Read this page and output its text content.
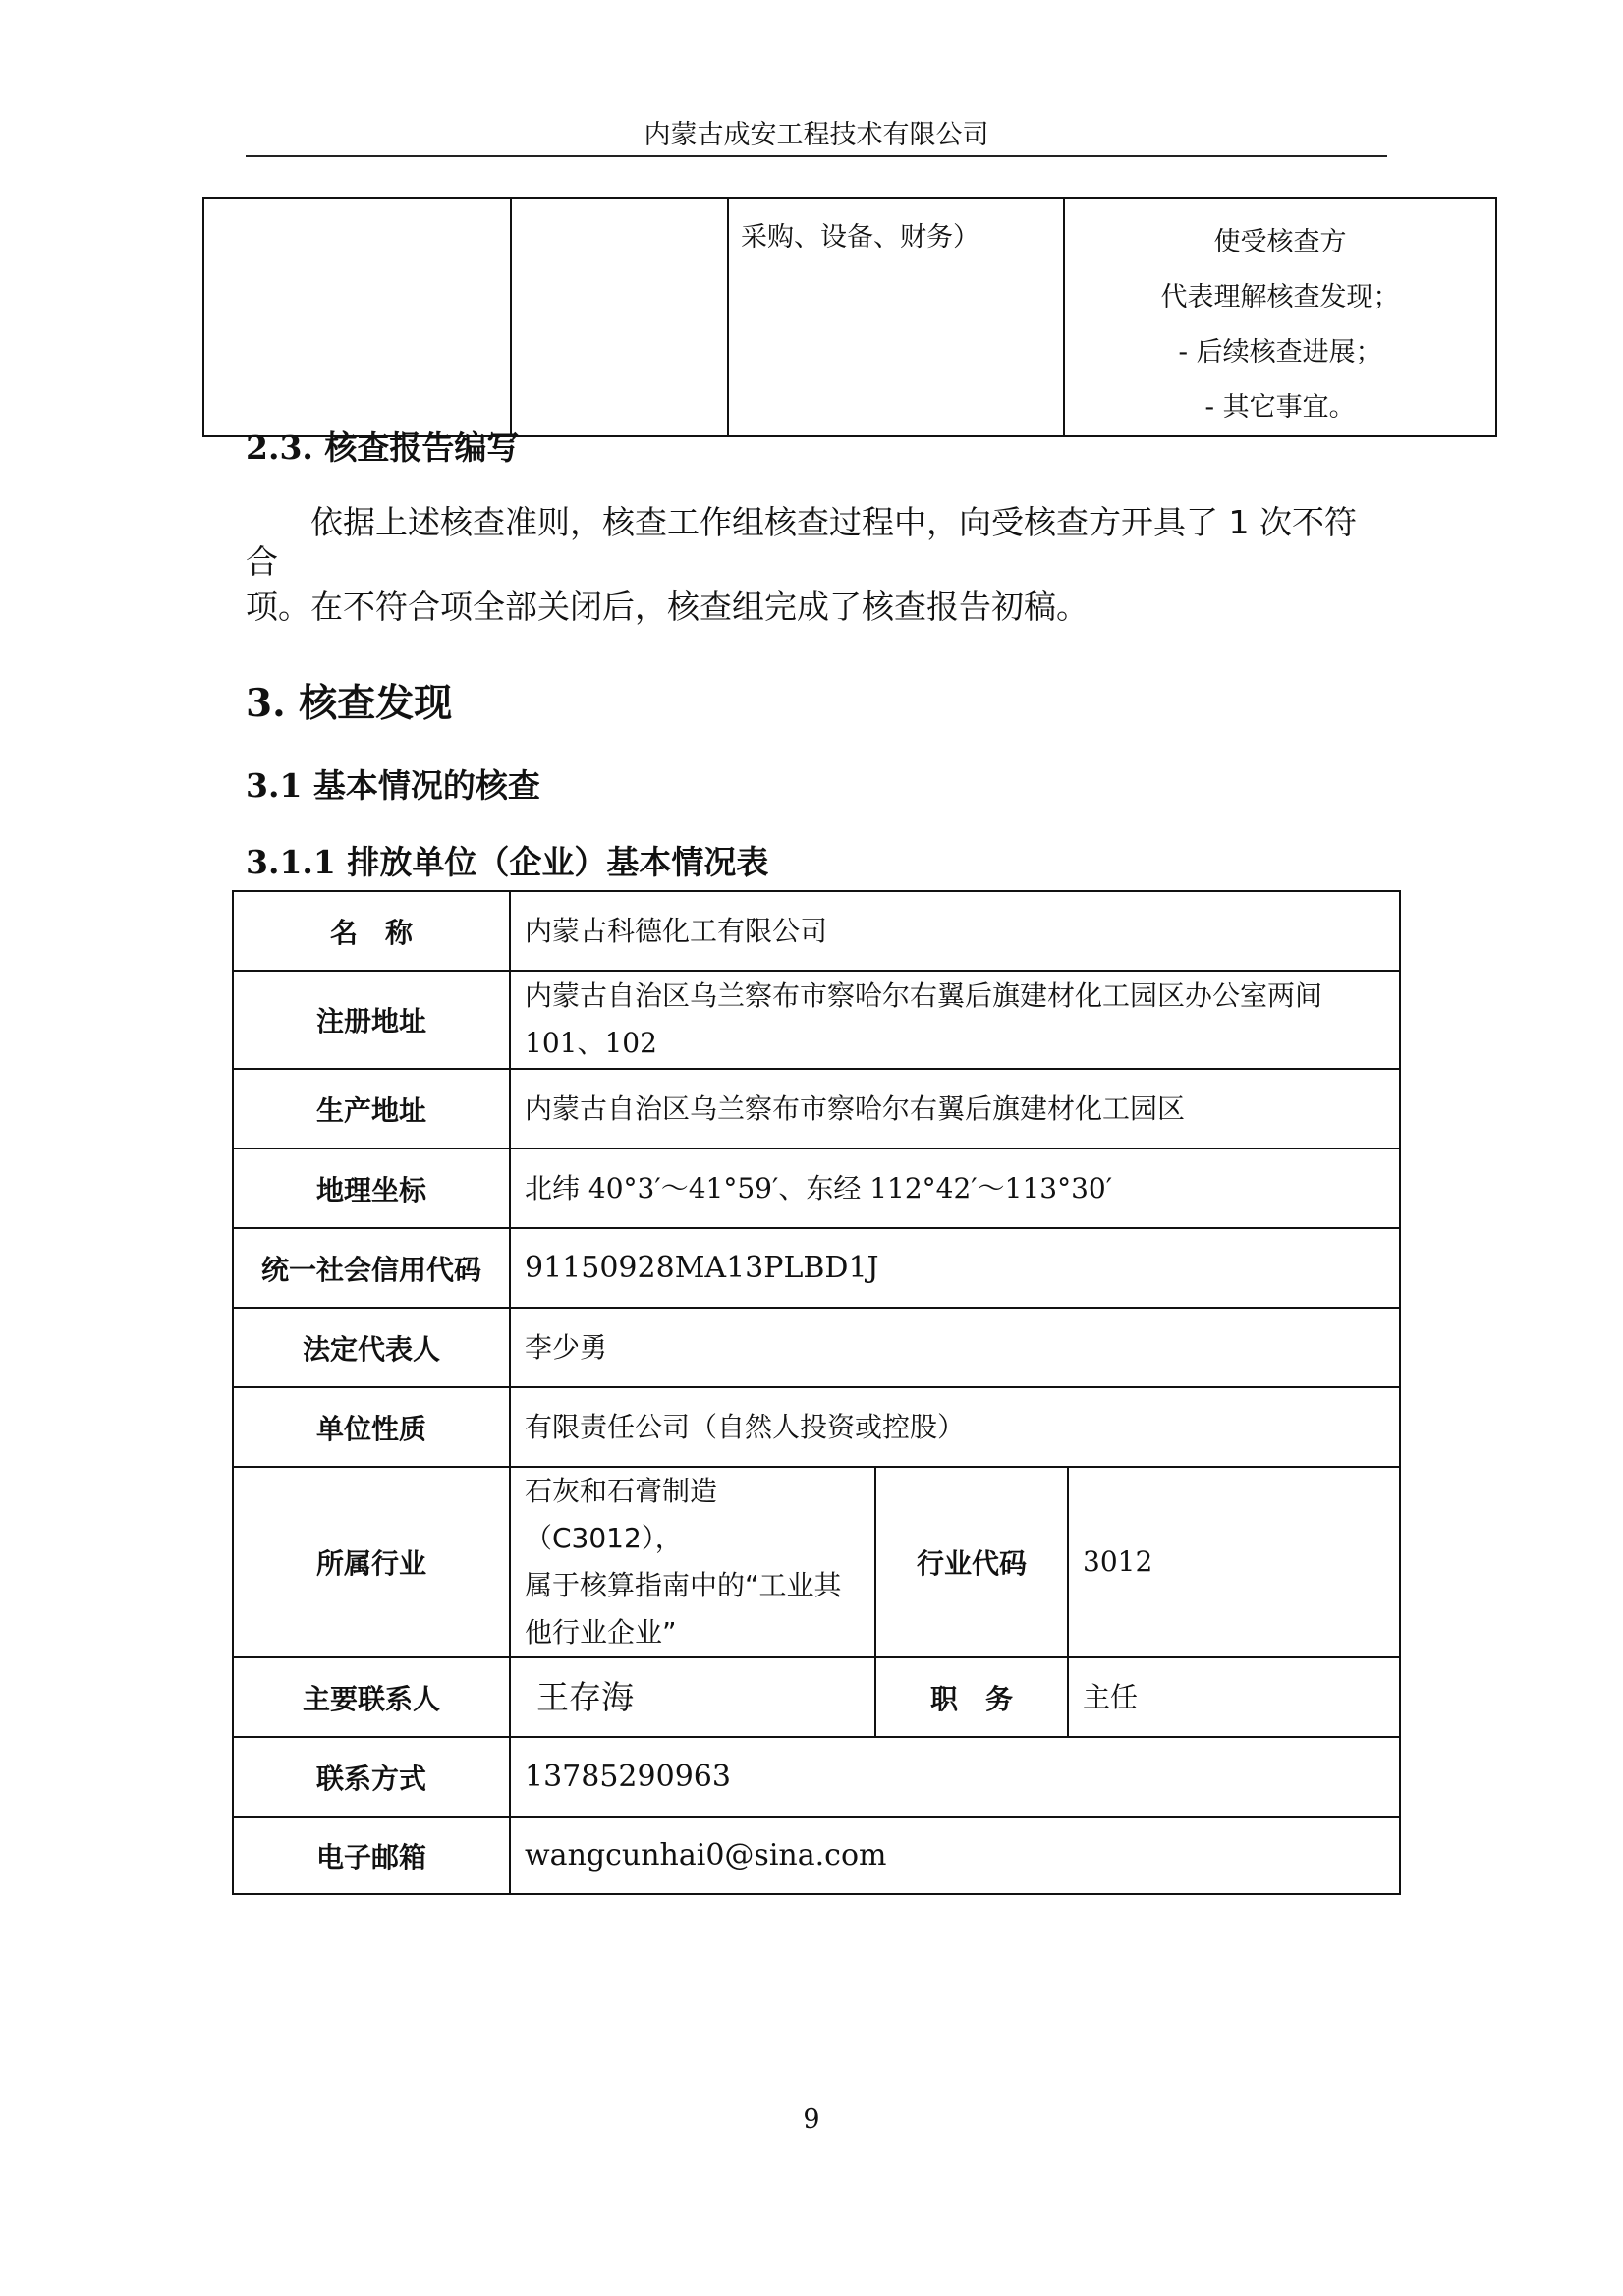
内蒙古成安工程技术有限公司
		采购、设备、财务）	使受核查方
代表理解核查发现；
- 后续核查进展；
- 其它事宜。
2.3. 核查报告编写
依据上述核查准则，核查工作组核查过程中，向受核查方开具了 1 次不符合
项。在不符合项全部关闭后，核查组完成了核查报告初稿。
3. 核查发现
3.1 基本情况的核查
3.1.1 排放单位（企业）基本情况表
名　称	内蒙古科德化工有限公司		
注册地址	内蒙古自治区乌兰察布市察哈尔右翼后旗建材化工园区办公室两间
101、102		

生产地址	内蒙古自治区乌兰察布市察哈尔右翼后旗建材化工园区		
地理坐标	北纬 40°3′～41°59′、东经 112°42′～113°30′		
统一社会信用代码	91150928MA13PLBD1J		
法定代表人	李少勇		
单位性质	有限责任公司（自然人投资或控股）		
所属行业	石灰和石膏制造（C3012），
属于核算指南中的“工业其
他行业企业”	行业代码	3012
主要联系人	王存海	职　务	主任
联系方式	13785290963		
电子邮箱	wangcunhai0@sina.com		
9
